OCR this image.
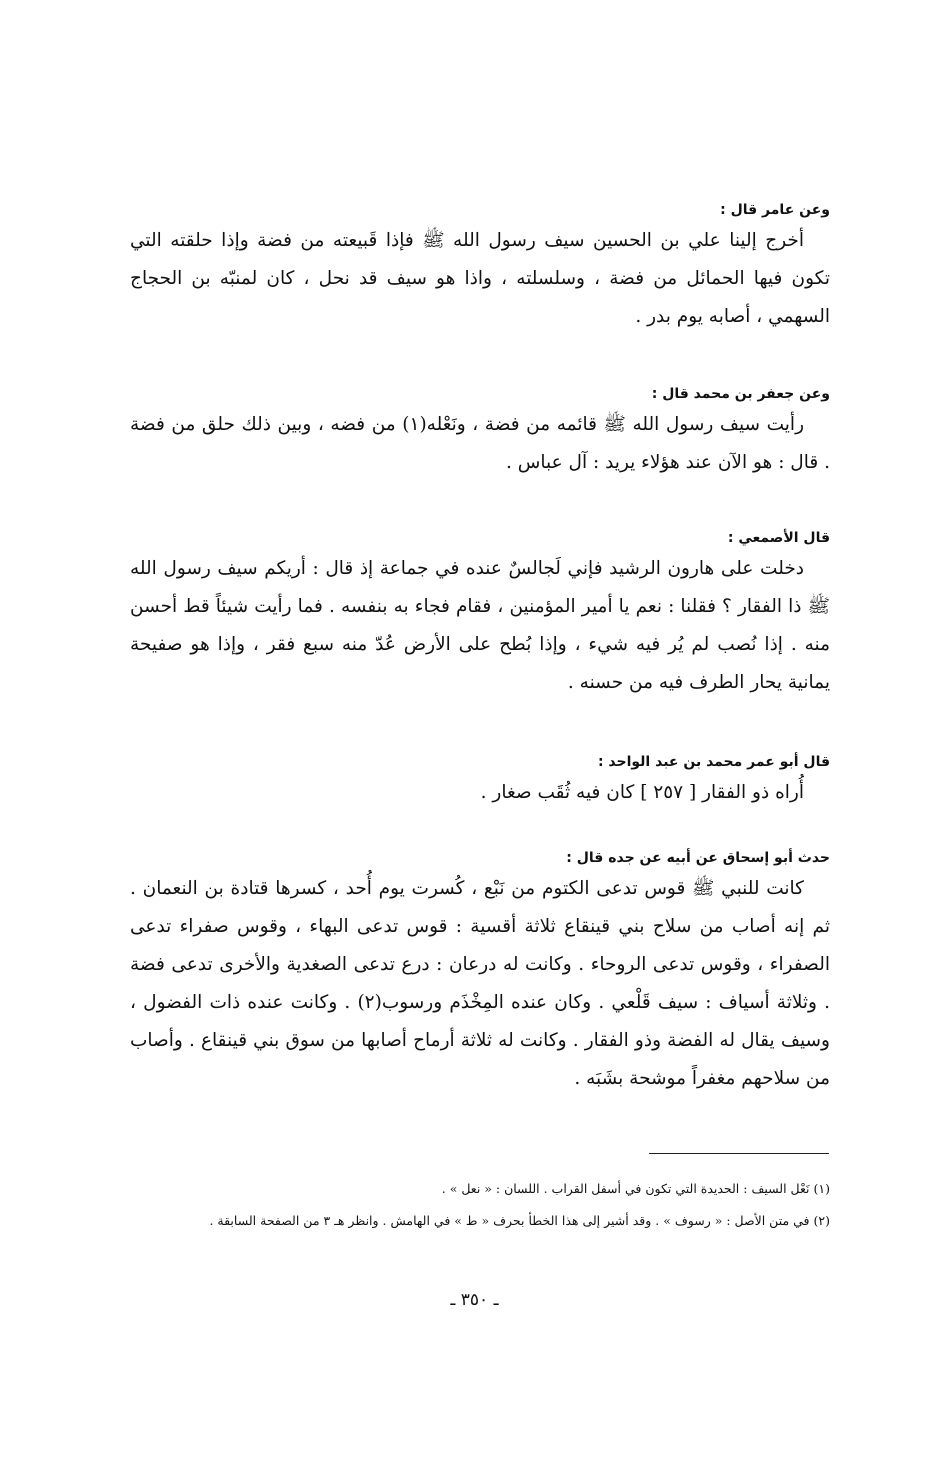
وعن عامر قال :

أخرج إلينا علي بن الحسين سيف رسول الله ﷺ فإذا قَبيعته من فضة وإذا حلقته التي تكون فيها الحمائل من فضة ، وسلسلته ، واذا هو سيف قد نحل ، كان لمنبّه بن الحجاج السهمي ، أصابه يوم بدر .

وعن جعفر بن محمد قال :

رأيت سيف رسول الله ﷺ قائمه من فضة ، ونَعْله(١) من فضه ، وبين ذلك حلق من فضة . قال : هو الآن عند هؤلاء يريد : آل عباس .

قال الأصمعي :

دخلت على هارون الرشيد فإني لَجالسٌ عنده في جماعة إذ قال : أريكم سيف رسول الله ﷺ ذا الفقار ؟ فقلنا : نعم يا أمير المؤمنين ، فقام فجاء به بنفسه . فما رأيت شيئاً قط أحسن منه . إذا نُصب لم يُر فيه شيء ، وإذا بُطح على الأرض عُدّ منه سبع فقر ، وإذا هو صفيحة يمانية يحار الطرف فيه من حسنه .

قال أبو عمر محمد بن عبد الواحد :

أُراه ذو الفقار [ ٢٥٧ ] كان فيه ثُقَب صغار .

حدث أبو إسحاق عن أبيه عن جده قال :

كانت للنبي ﷺ قوس تدعى الكتوم من نَبْع ، كُسرت يوم أُحد ، كسرها قتادة بن النعمان . ثم إنه أصاب من سلاح بني قينقاع ثلاثة أقسية : قوس تدعى البهاء ، وقوس صفراء تدعى الصفراء ، وقوس تدعى الروحاء . وكانت له درعان : درع تدعى الصغدية والأخرى تدعى فضة . وثلاثة أسياف : سيف قَلْعي . وكان عنده المِخْذَم ورسوب(٢) . وكانت عنده ذات الفضول ، وسيف يقال له الفضة وذو الفقار . وكانت له ثلاثة أرماح أصابها من سوق بني قينقاع . وأصاب من سلاحهم مغفراً موشحة بشَبَه .

(١) نَعْل السيف : الحديدة التي تكون في أسفل القراب . اللسان : « نعل » .

(٢) في متن الأصل : « رسوف » . وقد أشير إلى هذا الخطأ بحرف « ط » في الهامش . وانظر هـ ٣ من الصفحة السابقة .

ـ ٣٥٠ ـ
